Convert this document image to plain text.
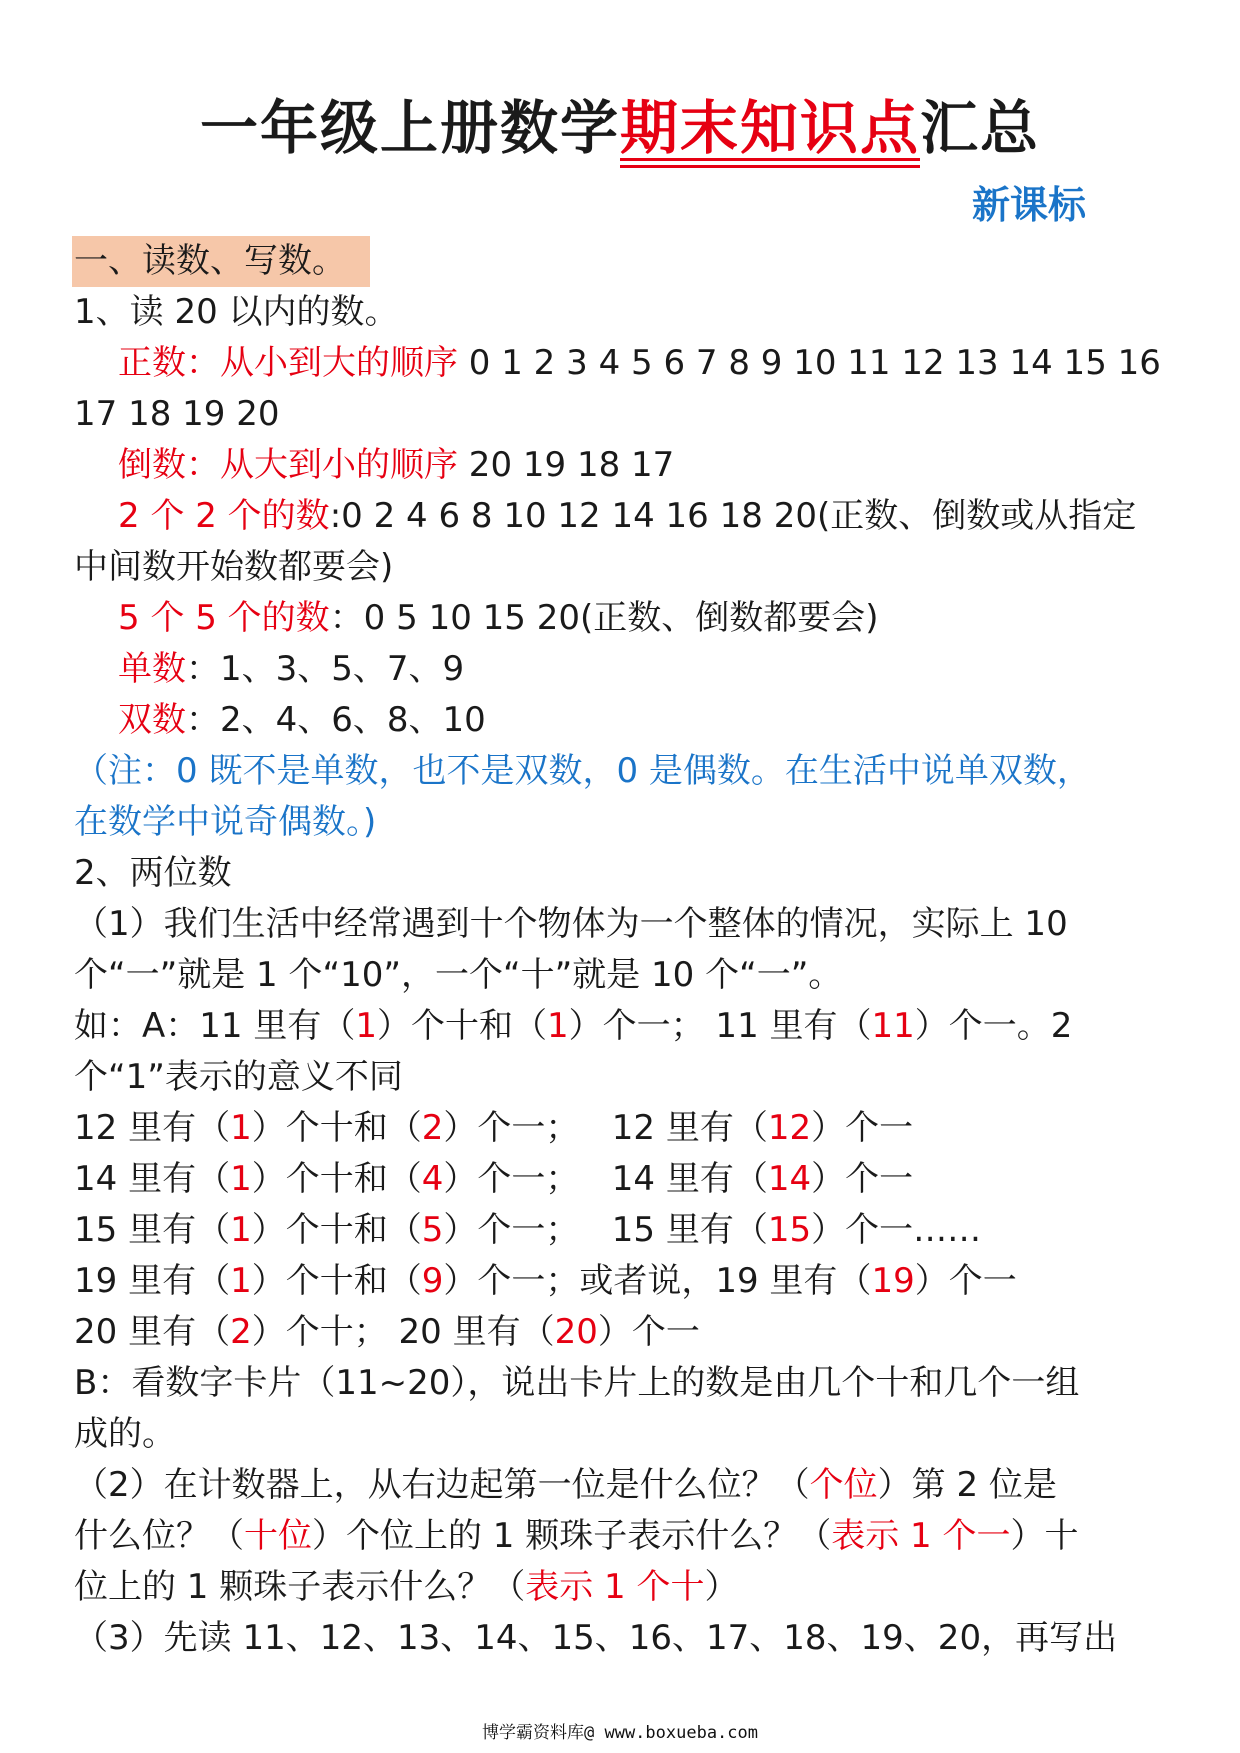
一年级上册数学期末知识点汇总
新课标
一、读数、写数。
1、读 20 以内的数。
正数：从小到大的顺序 0 1 2 3 4 5 6 7 8 9 10 11 12 13 14 15 16
17 18 19 20
倒数：从大到小的顺序 20 19 18 17
2 个 2 个的数:0 2 4 6 8 10 12 14 16 18 20(正数、倒数或从指定
中间数开始数都要会)
5 个 5 个的数：0 5 10 15 20(正数、倒数都要会)
单数：1、3、5、7、9
双数：2、4、6、8、10
（注：0 既不是单数，也不是双数，0 是偶数。在生活中说单双数，
在数学中说奇偶数。)
2、两位数
（1）我们生活中经常遇到十个物体为一个整体的情况，实际上 10
个“一”就是 1 个“10”，一个“十”就是 10 个“一”。
如：A：11 里有（1）个十和（1）个一； 11 里有（11）个一。2
个“1”表示的意义不同
12 里有（1）个十和（2）个一；   12 里有（12）个一
14 里有（1）个十和（4）个一；   14 里有（14）个一
15 里有（1）个十和（5）个一；   15 里有（15）个一……
19 里有（1）个十和（9）个一；或者说，19 里有（19）个一
20 里有（2）个十； 20 里有（20）个一
B：看数字卡片（11~20），说出卡片上的数是由几个十和几个一组
成的。
（2）在计数器上，从右边起第一位是什么位？（个位）第 2 位是
什么位？（十位）个位上的 1 颗珠子表示什么？（表示 1 个一）十
位上的 1 颗珠子表示什么？（表示 1 个十）
（3）先读 11、12、13、14、15、16、17、18、19、20，再写出
博学霸资料库@ www.boxueba.com
